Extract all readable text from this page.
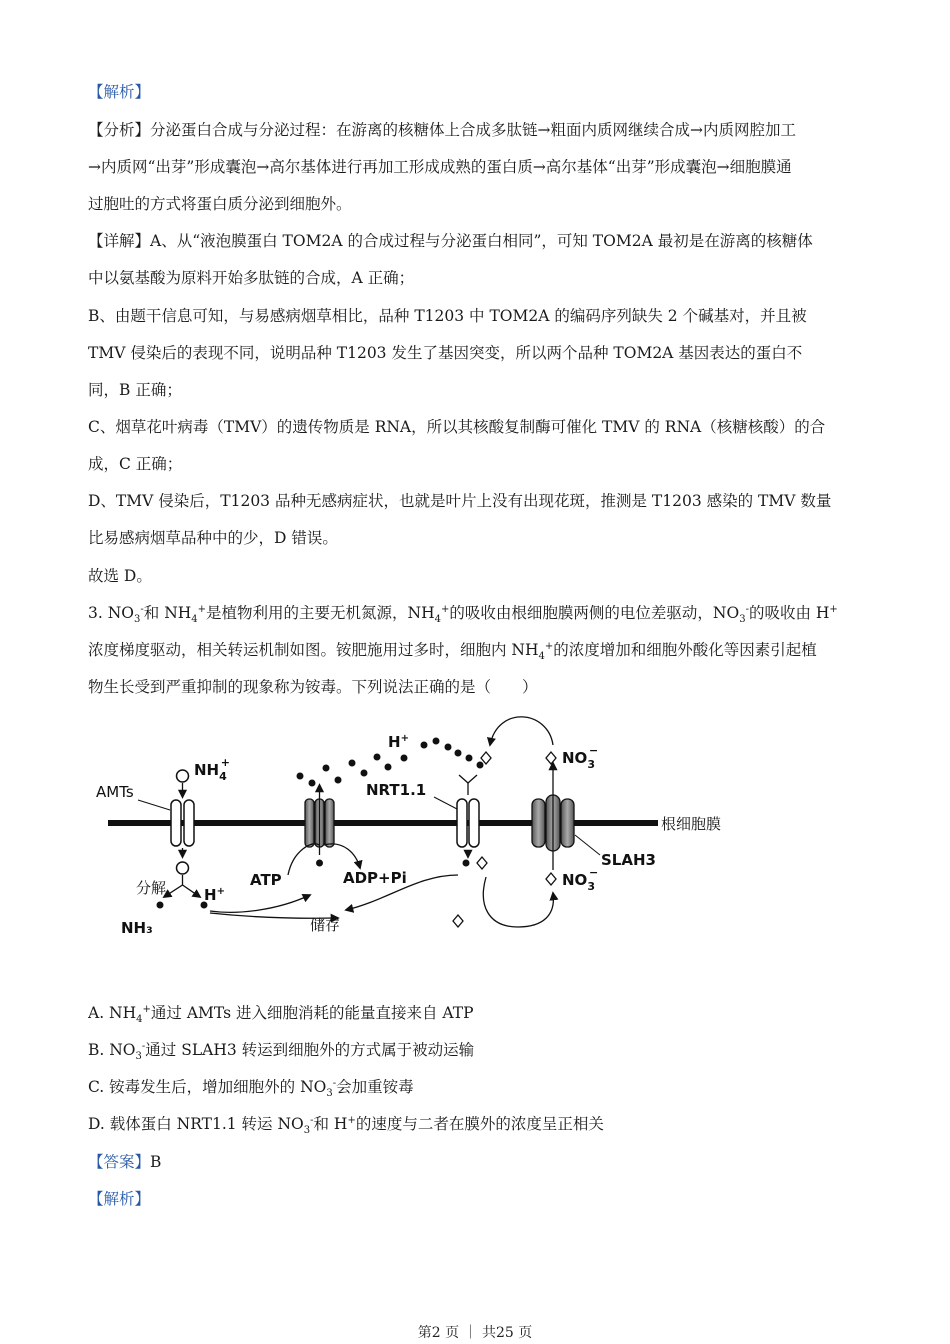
【解析】
【分析】分泌蛋白合成与分泌过程：在游离的核糖体上合成多肽链→粗面内质网继续合成→内质网腔加工
→内质网“出芽”形成囊泡→高尔基体进行再加工形成成熟的蛋白质→高尔基体“出芽”形成囊泡→细胞膜通
过胞吐的方式将蛋白质分泌到细胞外。
【详解】A、从“液泡膜蛋白 TOM2A 的合成过程与分泌蛋白相同”，可知 TOM2A 最初是在游离的核糖体
中以氨基酸为原料开始多肽链的合成，A 正确；
B、由题干信息可知，与易感病烟草相比，品种 T1203 中 TOM2A 的编码序列缺失 2 个碱基对，并且被
TMV 侵染后的表现不同，说明品种 T1203 发生了基因突变，所以两个品种 TOM2A 基因表达的蛋白不
同，B 正确；
C、烟草花叶病毒（TMV）的遗传物质是 RNA，所以其核酸复制酶可催化 TMV 的 RNA（核糖核酸）的合
成，C 正确；
D、TMV 侵染后，T1203 品种无感病症状，也就是叶片上没有出现花斑，推测是 T1203 感染的 TMV 数量
比易感病烟草品种中的少，D 错误。
故选 D。
3. $NO_3^-$和 $NH_4^+$是植物利用的主要无机氮源，$NH_4^+$的吸收由根细胞膜两侧的电位差驱动，$NO_3^-$的吸收由 H+
浓度梯度驱动，相关转运机制如图。铵肥施用过多时，细胞内 $NH_4^+$的浓度增加和细胞外酸化等因素引起植
物生长受到严重抑制的现象称为铵毒。下列说法正确的是（　　）
根细胞膜
AMTs
$NH_4+$
分解
NH₃
H+
储存
ATP	ADP+Pi
H+
NRT1.1
SLAH3
$NO_3-$
$NO_3-$
A. $NH_4^+$通过 AMTs 进入细胞消耗的能量直接来自 ATP
B. $NO_3^-$通过 SLAH3 转运到细胞外的方式属于被动运输
C. 铵毒发生后，增加细胞外的 $NO_3^-$会加重铵毒
D. 载体蛋白 NRT1.1 转运 $NO_3^-$和 H+的速度与二者在膜外的浓度呈正相关
【答案】B
【解析】
第2 页 ｜ 共25 页
